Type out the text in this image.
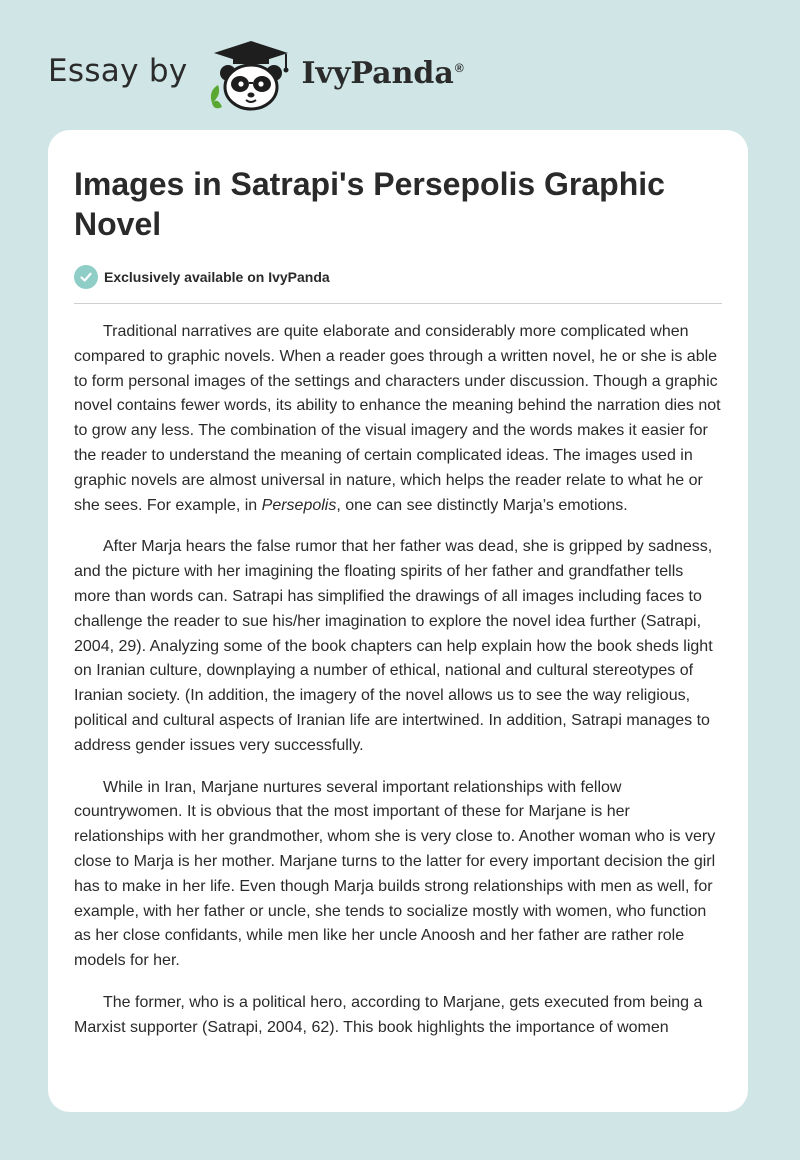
Essay by	IvyPanda®
Images in Satrapi's Persepolis Graphic Novel
Exclusively available on IvyPanda

Traditional narratives are quite elaborate and considerably more complicated when compared to graphic novels. When a reader goes through a written novel, he or she is able to form personal images of the settings and characters under discussion. Though a graphic novel contains fewer words, its ability to enhance the meaning behind the narration dies not to grow any less. The combination of the visual imagery and the words makes it easier for the reader to understand the meaning of certain complicated ideas. The images used in graphic novels are almost universal in nature, which helps the reader relate to what he or she sees. For example, in Persepolis, one can see distinctly Marja’s emotions.

After Marja hears the false rumor that her father was dead, she is gripped by sadness, and the picture with her imagining the floating spirits of her father and grandfather tells more than words can. Satrapi has simplified the drawings of all images including faces to challenge the reader to sue his/her imagination to explore the novel idea further (Satrapi, 2004, 29). Analyzing some of the book chapters can help explain how the book sheds light on Iranian culture, downplaying a number of ethical, national and cultural stereotypes of Iranian society. (In addition, the imagery of the novel allows us to see the way religious, political and cultural aspects of Iranian life are intertwined. In addition, Satrapi manages to address gender issues very successfully.

While in Iran, Marjane nurtures several important relationships with fellow countrywomen. It is obvious that the most important of these for Marjane is her relationships with her grandmother, whom she is very close to. Another woman who is very close to Marja is her mother. Marjane turns to the latter for every important decision the girl has to make in her life. Even though Marja builds strong relationships with men as well, for example, with her father or uncle, she tends to socialize mostly with women, who function as her close confidants, while men like her uncle Anoosh and her father are rather role models for her.

The former, who is a political hero, according to Marjane, gets executed from being a Marxist supporter (Satrapi, 2004, 62). This book highlights the importance of women
